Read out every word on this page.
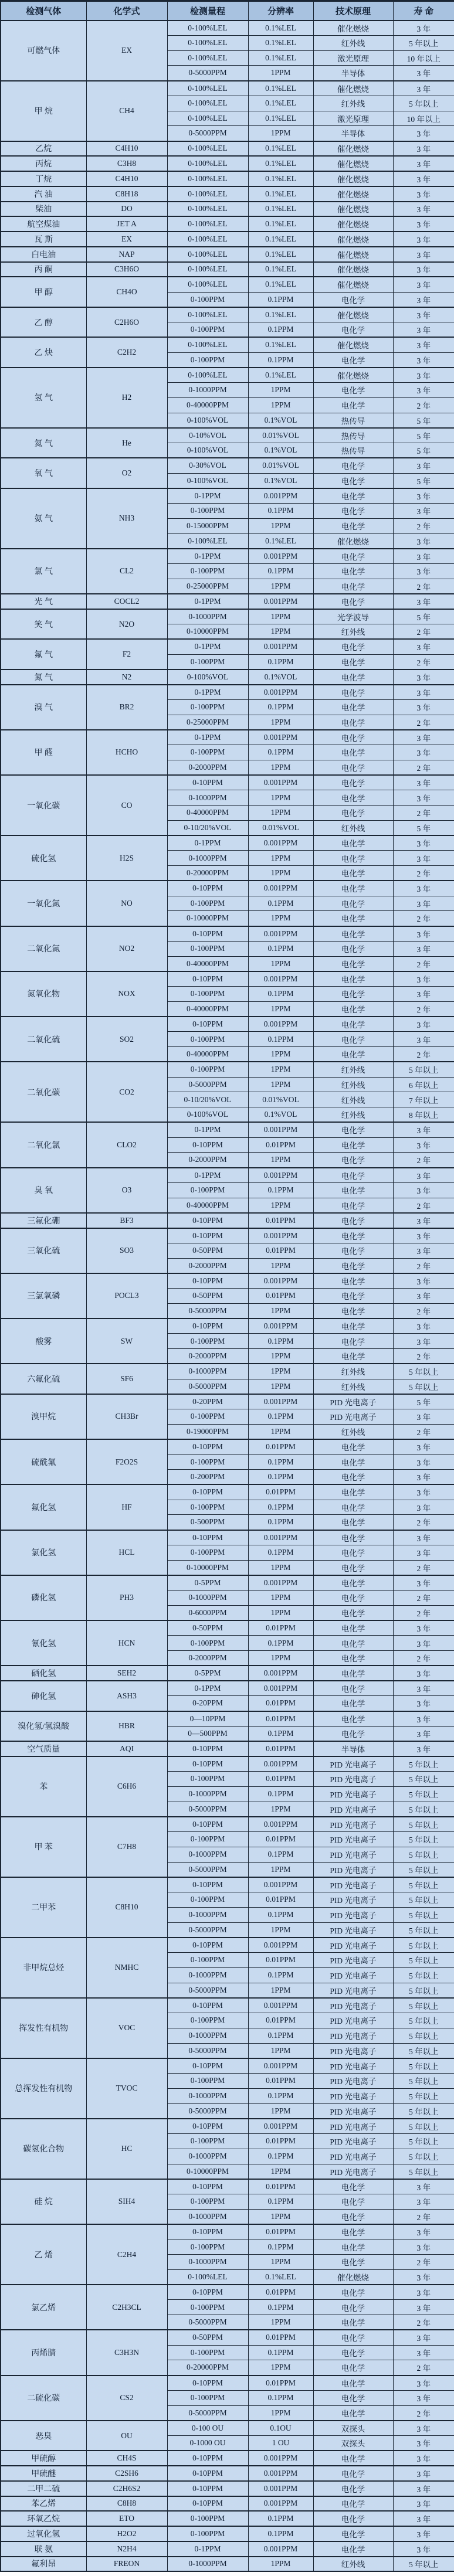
检测气体	化学式	检测量程	分辨率	技术原理	寿 命
可燃气体	EX	0-100%LEL	0.1%LEL	催化燃烧	3 年
		0-100%LEL	0.1%LEL	红外线	5 年以上
		0-100%LEL	0.1%LEL	激光原理	10 年以上
		0-5000PPM	1PPM	半导体	3 年
甲 烷	CH4	0-100%LEL	0.1%LEL	催化燃烧	3 年
		0-100%LEL	0.1%LEL	红外线	5 年以上
		0-100%LEL	0.1%LEL	激光原理	10 年以上
		0-5000PPM	1PPM	半导体	3 年
乙烷	C4H10	0-100%LEL	0.1%LEL	催化燃烧	3 年
丙烷	C3H8	0-100%LEL	0.1%LEL	催化燃烧	3 年
丁烷	C4H10	0-100%LEL	0.1%LEL	催化燃烧	3 年
汽 油	C8H18	0-100%LEL	0.1%LEL	催化燃烧	3 年
柴油	DO	0-100%LEL	0.1%LEL	催化燃烧	3 年
航空煤油	JET A	0-100%LEL	0.1%LEL	催化燃烧	3 年
瓦 斯	EX	0-100%LEL	0.1%LEL	催化燃烧	3 年
白电油	NAP	0-100%LEL	0.1%LEL	催化燃烧	3 年
丙 酮	C3H6O	0-100%LEL	0.1%LEL	催化燃烧	3 年
甲 醇	CH4O	0-100%LEL	0.1%LEL	催化燃烧	3 年
		0-100PPM	0.1PPM	电化学	3 年
乙 醇	C2H6O	0-100%LEL	0.1%LEL	催化燃烧	3 年
		0-100PPM	0.1PPM	电化学	3 年
乙 炔	C2H2	0-100%LEL	0.1%LEL	催化燃烧	3 年
		0-100PPM	0.1PPM	电化学	3 年
氢 气	H2	0-100%LEL	0.1%LEL	催化燃烧	3 年
		0-1000PPM	1PPM	电化学	3 年
		0-40000PPM	1PPM	电化学	2 年
		0-100%VOL	0.1%VOL	热传导	5 年
氦 气	He	0-10%VOL	0.01%VOL	热传导	5 年
		0-100%VOL	0.1%VOL	热传导	5 年
氧 气	O2	0-30%VOL	0.01%VOL	电化学	3 年
		0-100%VOL	0.1%VOL	电化学	5 年
氨 气	NH3	0-1PPM	0.001PPM	电化学	3 年
		0-100PPM	0.1PPM	电化学	3 年
		0-15000PPM	1PPM	电化学	2 年
		0-100%LEL	0.1%LEL	催化燃烧	3 年
氯 气	CL2	0-1PPM	0.001PPM	电化学	3 年
		0-100PPM	0.1PPM	电化学	3 年
		0-25000PPM	1PPM	电化学	2 年
光 气	COCL2	0-1PPM	0.001PPM	电化学	3 年
笑 气	N2O	0-1000PPM	1PPM	光学波导	5 年
		0-10000PPM	1PPM	红外线	2 年
氟 气	F2	0-1PPM	0.001PPM	电化学	3 年
		0-100PPM	0.1PPM	电化学	2 年
氮 气	N2	0-100%VOL	0.1%VOL	电化学	3 年
溴 气	BR2	0-1PPM	0.001PPM	电化学	3 年
		0-100PPM	0.1PPM	电化学	3 年
		0-25000PPM	1PPM	电化学	2 年
甲 醛	HCHO	0-1PPM	0.001PPM	电化学	3 年
		0-100PPM	0.1PPM	电化学	3 年
		0-2000PPM	1PPM	电化学	2 年
一氧化碳	CO	0-10PPM	0.001PPM	电化学	3 年
		0-1000PPM	1PPM	电化学	3 年
		0-40000PPM	1PPM	电化学	2 年
		0-10/20%VOL	0.01%VOL	红外线	5 年
硫化氢	H2S	0-1PPM	0.001PPM	电化学	3 年
		0-1000PPM	1PPM	电化学	3 年
		0-20000PPM	1PPM	电化学	2 年
一氧化氮	NO	0-10PPM	0.001PPM	电化学	3 年
		0-100PPM	0.1PPM	电化学	3 年
		0-10000PPM	1PPM	电化学	2 年
二氧化氮	NO2	0-10PPM	0.001PPM	电化学	3 年
		0-100PPM	0.1PPM	电化学	3 年
		0-40000PPM	1PPM	电化学	2 年
氮氧化物	NOX	0-10PPM	0.001PPM	电化学	3 年
		0-100PPM	0.1PPM	电化学	3 年
		0-40000PPM	1PPM	电化学	2 年
二氧化硫	SO2	0-10PPM	0.001PPM	电化学	3 年
		0-100PPM	0.1PPM	电化学	3 年
		0-40000PPM	1PPM	电化学	2 年
二氧化碳	CO2	0-100PPM	1PPM	红外线	5 年以上
		0-5000PPM	1PPM	红外线	6 年以上
		0-10/20%VOL	0.01%VOL	红外线	7 年以上
		0-100%VOL	0.1%VOL	红外线	8 年以上
二氧化氯	CLO2	0-1PPM	0.001PPM	电化学	3 年
		0-10PPM	0.01PPM	电化学	3 年
		0-2000PPM	1PPM	电化学	2 年
臭 氧	O3	0-1PPM	0.001PPM	电化学	3 年
		0-100PPM	0.1PPM	电化学	3 年
		0-40000PPM	1PPM	电化学	2 年
三氟化硼	BF3	0-10PPM	0.01PPM	电化学	3 年
三氧化硫	SO3	0-10PPM	0.001PPM	电化学	3 年
		0-50PPM	0.01PPM	电化学	3 年
		0-2000PPM	1PPM	电化学	2 年
三氯氧磷	POCL3	0-10PPM	0.001PPM	电化学	3 年
		0-50PPM	0.01PPM	电化学	3 年
		0-5000PPM	1PPM	电化学	2 年
酸雾	SW	0-10PPM	0.001PPM	电化学	3 年
		0-100PPM	0.1PPM	电化学	3 年
		0-2000PPM	1PPM	电化学	2 年
六氟化硫	SF6	0-1000PPM	1PPM	红外线	5 年以上
		0-5000PPM	1PPM	红外线	5 年以上
溴甲烷	CH3Br	0-20PPM	0.001PPM	PID 光电离子	5 年
		0-100PPM	0.1PPM	PID 光电离子	3 年
		0-19000PPM	1PPM	红外线	2 年
硫酰氟	F2O2S	0-10PPM	0.01PPM	电化学	3 年
		0-100PPM	0.1PPM	电化学	3 年
		0-200PPM	0.1PPM	电化学	3 年
氟化氢	HF	0-10PPM	0.01PPM	电化学	3 年
		0-100PPM	0.1PPM	电化学	3 年
		0-500PPM	0.1PPM	电化学	2 年
氯化氢	HCL	0-10PPM	0.001PPM	电化学	3 年
		0-100PPM	0.1PPM	电化学	3 年
		0-10000PPM	1PPM	电化学	2 年
磷化氢	PH3	0-5PPM	0.001PPM	电化学	3 年
		0-1000PPM	1PPM	电化学	2 年
		0-6000PPM	1PPM	电化学	2 年
氰化氢	HCN	0-50PPM	0.01PPM	电化学	3 年
		0-100PPM	0.1PPM	电化学	3 年
		0-2000PPM	1PPM	电化学	2 年
硒化氢	SEH2	0-5PPM	0.001PPM	电化学	3 年
砷化氢	ASH3	0-1PPM	0.001PPM	电化学	3 年
		0-20PPM	0.01PPM	电化学	3 年
溴化氢/氢溴酸	HBR	0—10PPM	0.01PPM	电化学	3 年
		0—500PPM	0.1PPM	电化学	3 年
空气质量	AQI	0-10PPM	0.01PPM	半导体	3 年
苯	C6H6	0-10PPM	0.001PPM	PID 光电离子	5 年以上
		0-100PPM	0.01PPM	PID 光电离子	5 年以上
		0-1000PPM	0.1PPM	PID 光电离子	5 年以上
		0-5000PPM	1PPM	PID 光电离子	5 年以上
甲 苯	C7H8	0-10PPM	0.001PPM	PID 光电离子	5 年以上
		0-100PPM	0.01PPM	PID 光电离子	5 年以上
		0-1000PPM	0.1PPM	PID 光电离子	5 年以上
		0-5000PPM	1PPM	PID 光电离子	5 年以上
二甲苯	C8H10	0-10PPM	0.001PPM	PID 光电离子	5 年以上
		0-100PPM	0.01PPM	PID 光电离子	5 年以上
		0-1000PPM	0.1PPM	PID 光电离子	5 年以上
		0-5000PPM	1PPM	PID 光电离子	5 年以上
非甲烷总烃	NMHC	0-10PPM	0.001PPM	PID 光电离子	5 年以上
		0-100PPM	0.01PPM	PID 光电离子	5 年以上
		0-1000PPM	0.1PPM	PID 光电离子	5 年以上
		0-5000PPM	1PPM	PID 光电离子	5 年以上
挥发性有机物	VOC	0-10PPM	0.001PPM	PID 光电离子	5 年以上
		0-100PPM	0.01PPM	PID 光电离子	5 年以上
		0-1000PPM	0.1PPM	PID 光电离子	5 年以上
		0-5000PPM	1PPM	PID 光电离子	5 年以上
总挥发性有机物	TVOC	0-10PPM	0.001PPM	PID 光电离子	5 年以上
		0-100PPM	0.01PPM	PID 光电离子	5 年以上
		0-1000PPM	0.1PPM	PID 光电离子	5 年以上
		0-5000PPM	1PPM	PID 光电离子	5 年以上
碳氢化合物	HC	0-10PPM	0.001PPM	PID 光电离子	5 年以上
		0-100PPM	0.01PPM	PID 光电离子	5 年以上
		0-1000PPM	0.1PPM	PID 光电离子	5 年以上
		0-10000PPM	1PPM	PID 光电离子	5 年以上
硅 烷	SIH4	0-10PPM	0.01PPM	电化学	3 年
		0-100PPM	0.1PPM	电化学	3 年
		0-1000PPM	1PPM	电化学	2 年
乙 烯	C2H4	0-10PPM	0.01PPM	电化学	3 年
		0-100PPM	0.1PPM	电化学	3 年
		0-1000PPM	1PPM	电化学	2 年
		0-100%LEL	0.1%LEL	催化燃烧	3 年
氯乙烯	C2H3CL	0-10PPM	0.01PPM	电化学	3 年
		0-100PPM	0.1PPM	电化学	3 年
		0-5000PPM	1PPM	电化学	2 年
丙烯腈	C3H3N	0-50PPM	0.01PPM	电化学	3 年
		0-100PPM	0.1PPM	电化学	3 年
		0-20000PPM	1PPM	电化学	2 年
二硫化碳	CS2	0-10PPM	0.01PPM	电化学	3 年
		0-100PPM	0.1PPM	电化学	3 年
		0-5000PPM	1PPM	电化学	2 年
恶臭	OU	0-100 OU	0.1OU	双探头	3 年
		0-1000 OU	1 OU	双探头	3 年
甲硫醇	CH4S	0-10PPM	0.001PPM	电化学	3 年
甲硫醚	C2SH6	0-10PPM	0.001PPM	电化学	3 年
二甲二硫	C2H6S2	0-10PPM	0.001PPM	电化学	3 年
苯乙烯	C8H8	0-10PPM	0.001PPM	电化学	3 年
环氧乙烷	ETO	0-100PPM	0.1PPM	电化学	3 年
过氧化氢	H2O2	0-100PPM	0.1PPM	电化学	3 年
联 氨	N2H4	0-1PPM	0.001PPM	电化学	3 年
氟利昂	FREON	0-1000PPM	1PPM	红外线	5 年以上
